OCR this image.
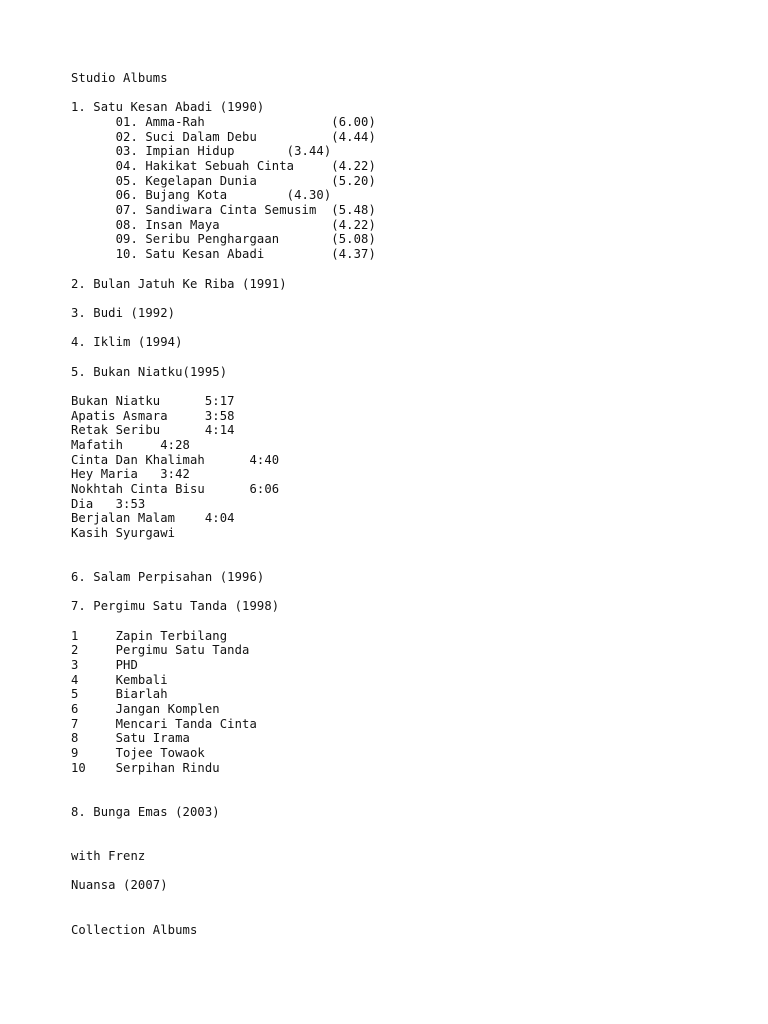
Studio Albums
1. Satu Kesan Abadi (1990)
01. Amma-Rah                 (6.00)
02. Suci Dalam Debu          (4.44)
03. Impian Hidup       (3.44)
04. Hakikat Sebuah Cinta     (4.22)
05. Kegelapan Dunia          (5.20)
06. Bujang Kota        (4.30)
07. Sandiwara Cinta Semusim  (5.48)
08. Insan Maya               (4.22)
09. Seribu Penghargaan       (5.08)
10. Satu Kesan Abadi         (4.37)
2. Bulan Jatuh Ke Riba (1991)
3. Budi (1992)
4. Iklim (1994)
5. Bukan Niatku(1995)
Bukan Niatku      5:17
Apatis Asmara     3:58
Retak Seribu      4:14
Mafatih     4:28
Cinta Dan Khalimah      4:40
Hey Maria   3:42
Nokhtah Cinta Bisu      6:06
Dia   3:53
Berjalan Malam    4:04
Kasih Syurgawi
6. Salam Perpisahan (1996)
7. Pergimu Satu Tanda (1998)
1     Zapin Terbilang
2     Pergimu Satu Tanda
3     PHD
4     Kembali
5     Biarlah
6     Jangan Komplen
7     Mencari Tanda Cinta
8     Satu Irama
9     Tojee Towaok
10    Serpihan Rindu
8. Bunga Emas (2003)
with Frenz
Nuansa (2007)
Collection Albums
